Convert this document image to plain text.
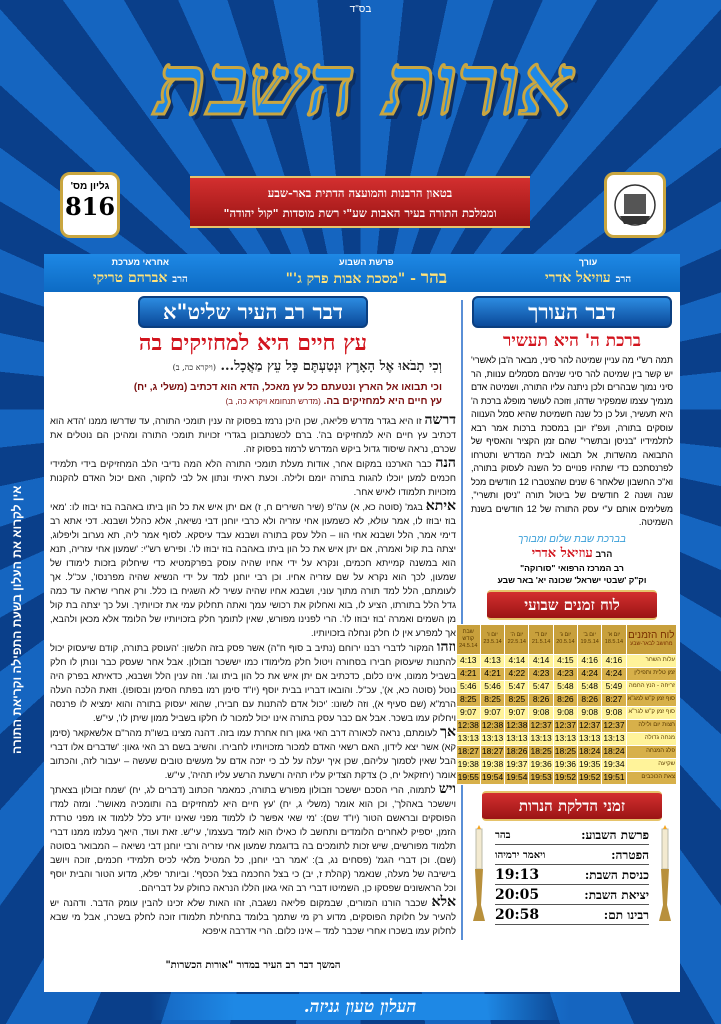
בס"ד
אורות השבת
גליון מס'
816	בטאון הרבנות והמועצה הדתית באר-שבע
וממלכת התורה בעיר האבות שע"י רשת מוסדות "קול יהודה"
עורך
הרב עוזיאל אדרי
פרשת השבוע
בהר - "מסכת אבות פרק ג'"
אחראי מערכת
הרב אברהם טריקי
אין לקרוא את העלון בשעת התפילה וקריאת התורה
דבר רב העיר שליט"א
עץ חיים היא למחזיקים בה
וְכִי תָבֹאוּ אֶל הָאָרֶץ וּנְטַעְתֶּם כָּל עֵץ מַאֲכָל... (ויקרא כה, ב)
וכי תבואו אל הארץ ונטעתם כל עץ מאכל, הדא הוא דכתיב (משלי ג, יח)
עץ חיים היא למחזיקים בה. (מדרש תנחומא ויקרא כה, ב)

דרשה זו היא בגדר מדרש פליאה, שכן היכן נרמז בפסוק זה ענין תומכי התורה, עד שדרשו ממנו 'הדא הוא דכתיב עץ חיים היא למחזיקים בה'. ברם לכשנתבונן בגדרי זכויות תומכי התורה ומהיכן הם נוטלים את שכרם, נראה שיסוד גדול ביקש המדרש לרמוז בפסוק זה.

הנה כבר הארכנו במקום אחר, אודות מעלת תומכי התורה הלא המה נדיבי הלב המחזיקים בידי תלמידי חכמים למען יוכלו להגות בתורה יומם ולילה. וכעת ראיתי ונתון אל לבי לחקור, האם יכול האדם להקנות מזכויות תלמודו לאיש אחר.

איתא בגמ' (סוטה כא, א) עה"פ (שיר השירים ח, ז) אם יתן איש את כל הון ביתו באהבה בוז יבוזו לו: 'מאי בוז יבוזו לו, אמר עולא, לא כשמעון אחי עזריה ולא כרבי יוחנן דבי נשיאה, אלא כהלל ושבנא. דכי אתא רב דימי אמר, הלל ושבנא אחי הוו – הלל עסק בתורה ושבנא עבד עיסקא. לסוף אמר ליה, תא נערוב וליפלוג, יצתה בת קול ואמרה, אם יתן איש את כל הון ביתו באהבה בוז יבוזו לו'. ופירש רש"י: 'שמעון אחי עזריה, תנא הוא במשנה קמייתא חכמים, ונקרא על ידי אחיו שהיה עוסק בפרקמטיא כדי שיחלוק בזכות לימודו של שמעון, לכך הוא נקרא על שם עזריה אחיו. וכן רבי יוחנן למד על ידי הנשיא שהיה מפרנסו', עכ"ל. אך לעומתם, הלל למד תורה מתוך עוני, ושבנא אחיו שהיה עשיר לא השגיח בו כלל. ורק אחרי שראה עד כמה גדל הלל בתורתו, הציע לו, בוא ואחלוק את רכושי עמך ואתה תחלוק עמי את זכויותיך. ועל כך יצתה בת קול מן השמים ואמרה 'בוז יבוזו לו'. הרי לפנינו מפורש, שאין לתומך חלק בזכויותיו של הלומד אלא מכאן ולהבא, אך למפרע אין לו חלק ונחלה בזכויותיו.

וזהו המקור לדברי רבנו ירוחם (נתיב ב סוף ח"ה) אשר פסק בזה הלשון: 'העוסק בתורה, קודם שיעסוק יכול להתנות שיעסוק חבירו בסחורה ויטול חלק מלימודו כמו יששכר וזבולון. אבל אחר שעסק כבר ונותן לו חלק בשביל ממונו, אינו כלום, כדכתיב אם יתן איש את כל הון ביתו וגו'. וזה ענין הלל ושבנא, כדאיתא בפרק היה נוטל (סוטה כא, א)', עכ"ל. והובאו דבריו בבית יוסף (יו"ד סימן רמו בפתח הסימן ובסופו). וזאת הלכה העלה הרמ"א (שם סעיף א), וזה לשונו: 'יכול אדם להתנות עם חבירו, שהוא יעסוק בתורה והוא ימציא לו פרנסה ויחלוק עמו בשכר. אבל אם כבר עסק בתורה אינו יכול למכור לו חלקו בשביל ממון שיתן לו', עי"ש.

אך לעומתם, נראה לכאורה דרב האי גאון רוח אחרת עמו בזה. דהנה מצינו בשו"ת מהר"ם אלשאקאר (סימן קא) אשר יצא לידון, האם רשאי האדם למכור מזכויותיו לחבירו. והשיב בשם רב האי גאון: 'שדברים אלו דברי הבל שאין לסמוך עליהם, שכן איך יעלה על לב כי יזכה אדם על מעשים טובים שעשה – יעבור לזה, והכתוב אומר (יחזקאל יח, כ) צדקת הצדיק עליו תהיה ורשעת הרשע עליו תהיה', עי"ש.

ויש לתמוה, הרי הסכם יששכר וזבולון מפורש בתורה, כמאמר הכתוב (דברים לג, יח) 'שמח זבולון בצאתך ויששכר באהלך', וכן הוא אומר (משלי ג, יח) 'עץ חיים היא למחזיקים בה ותומכיה מאושר'. ומזה למדו הפוסקים ובראשם הטור (יו"ד שם): 'מי שאי אפשר לו ללמוד מפני שאינו יודע כלל ללמוד או מפני טרדת הזמן, יספיק לאחרים הלומדים ותחשב לו כאילו הוא לומד בעצמו', עי"ש. זאת ועוד, היאך נעלמו ממנו דברי תלמוד מפורשים, שיש זכות לתומכים בה בדוגמת שמעון אחי עזריה ורבי יוחנן דבי נשיאה – המבואר בסוטה (שם). וכן דברי הגמ' (פסחים נג, ב): 'אמר רבי יוחנן, כל המטיל מלאי לכיס תלמידי חכמים, זוכה ויושב בישיבה של מעלה, שנאמר (קהלת ז, יב) כי בצל החכמה בצל הכסף'. וביותר יפלא, מדוע הטור והבית יוסף וכל הראשונים שפסקו כן, השמיטו דברי רב האי גאון הללו הנראה כחולק על דבריהם.

אלא שכבר הורנו המורים, שבמקום פליאה נשגבה, זהו האות שלא זכינו להבין עומק הדבר. ודהנה יש להעיר על חלוקת הפוסקים, מדוע רק מי שתמך בלומד בתחילת תלמודו זוכה לחלק בשכרו, אבל מי שבא לחלוק עמו בשכרו אחרי שכבר למד – אינו כלום. הרי אדרבה איפכא

המשך דבר רב העיר במדור "אורות הכשרות"
דבר העורך
ברכת ה' היא תעשיר

תמה רש"י מה עניין שמיטה להר סיני, מבאר ה'בן לאשרי' יש קשר בין שמיטה להר סיני שניהם מסמלים ענוות, הר סיני נמוך שבהרים ולכן ניתנה עליו התורה, ושמיטה אדם מנמיך עצמו שמפקיר שדהו, וזוכה לעושר מופלג ברכת ה' היא תעשיר, ועל כן כל שנה חשמיטת שהיא סמל הענווה עוסקים בתורה, ועפ"ז יובן במסכת ברכות אמר רבא לתלמידיו "בניסן ובתשרי" שהם זמן הקציר והאסיף של התבואה מהשדות, אל תבואו לבית המדרש ותטרחו לפרנסתכם כדי שתהיו פנויים כל השנה לעסוק בתורה, וא"כ החשבון שלאחר 6 שנים שהצטברו 12 חודשים מכל שנה ושנה 2 חודשים של ביטול תורה "ניסן ותשרי", משלימים אותם ע"י עסק התורה של 12 חודשים בשנת השמיטה.

בברכת שבת שלום ומבורך
הרב עוזיאל אדרי
רב המרכז הרפואי "סורוקה"
וק"ק 'שבטי ישראל' שכונה יא' באר שבע
לוח זמנים שבועי
לוח הזמנים
מחושב לבאר-שבע	יום א' 18.5.14	יום ב' 19.5.14	יום ג' 20.5.14	יום ד' 21.5.14	יום ה' 22.5.14	יום ו' 23.5.14	שבת קודש 24.5.14
עלות השחר	4:16	4:16	4:15	4:14	4:14	4:13	4:13
זמן טלית ותפילין	4:24	4:24	4:23	4:23	4:22	4:21	4:21
זריחה - הנץ החמה	5:49	5:48	5:48	5:47	5:47	5:46	5:46
סוף זמן ק"ש למג"א	8:27	8:26	8:26	8:26	8:25	8:25	8:25
סוף זמן ק"ש לגר"א	9:08	9:08	9:08	9:08	9:07	9:07	9:07
חצות יום ולילה	12:37	12:37	12:37	12:37	12:38	12:38	12:38
מנחה גדולה	13:13	13:13	13:13	13:13	13:13	13:13	13:13
פלג המנחה	18:24	18:24	18:25	18:25	18:26	18:27	18:27
שקיעה	19:34	19:35	19:36	19:36	19:37	19:38	19:38
צאת הכוכבים	19:51	19:52	19:52	19:53	19:54	19:54	19:55
זמני הדלקת הנרות
פרשת השבוע:
בהר
הפטרה:
ויאמר ירמיהו
כניסת השבת:
19:13
יציאת השבת:
20:05
רבינו תם:
20:58
העלון טעון גניזה.
